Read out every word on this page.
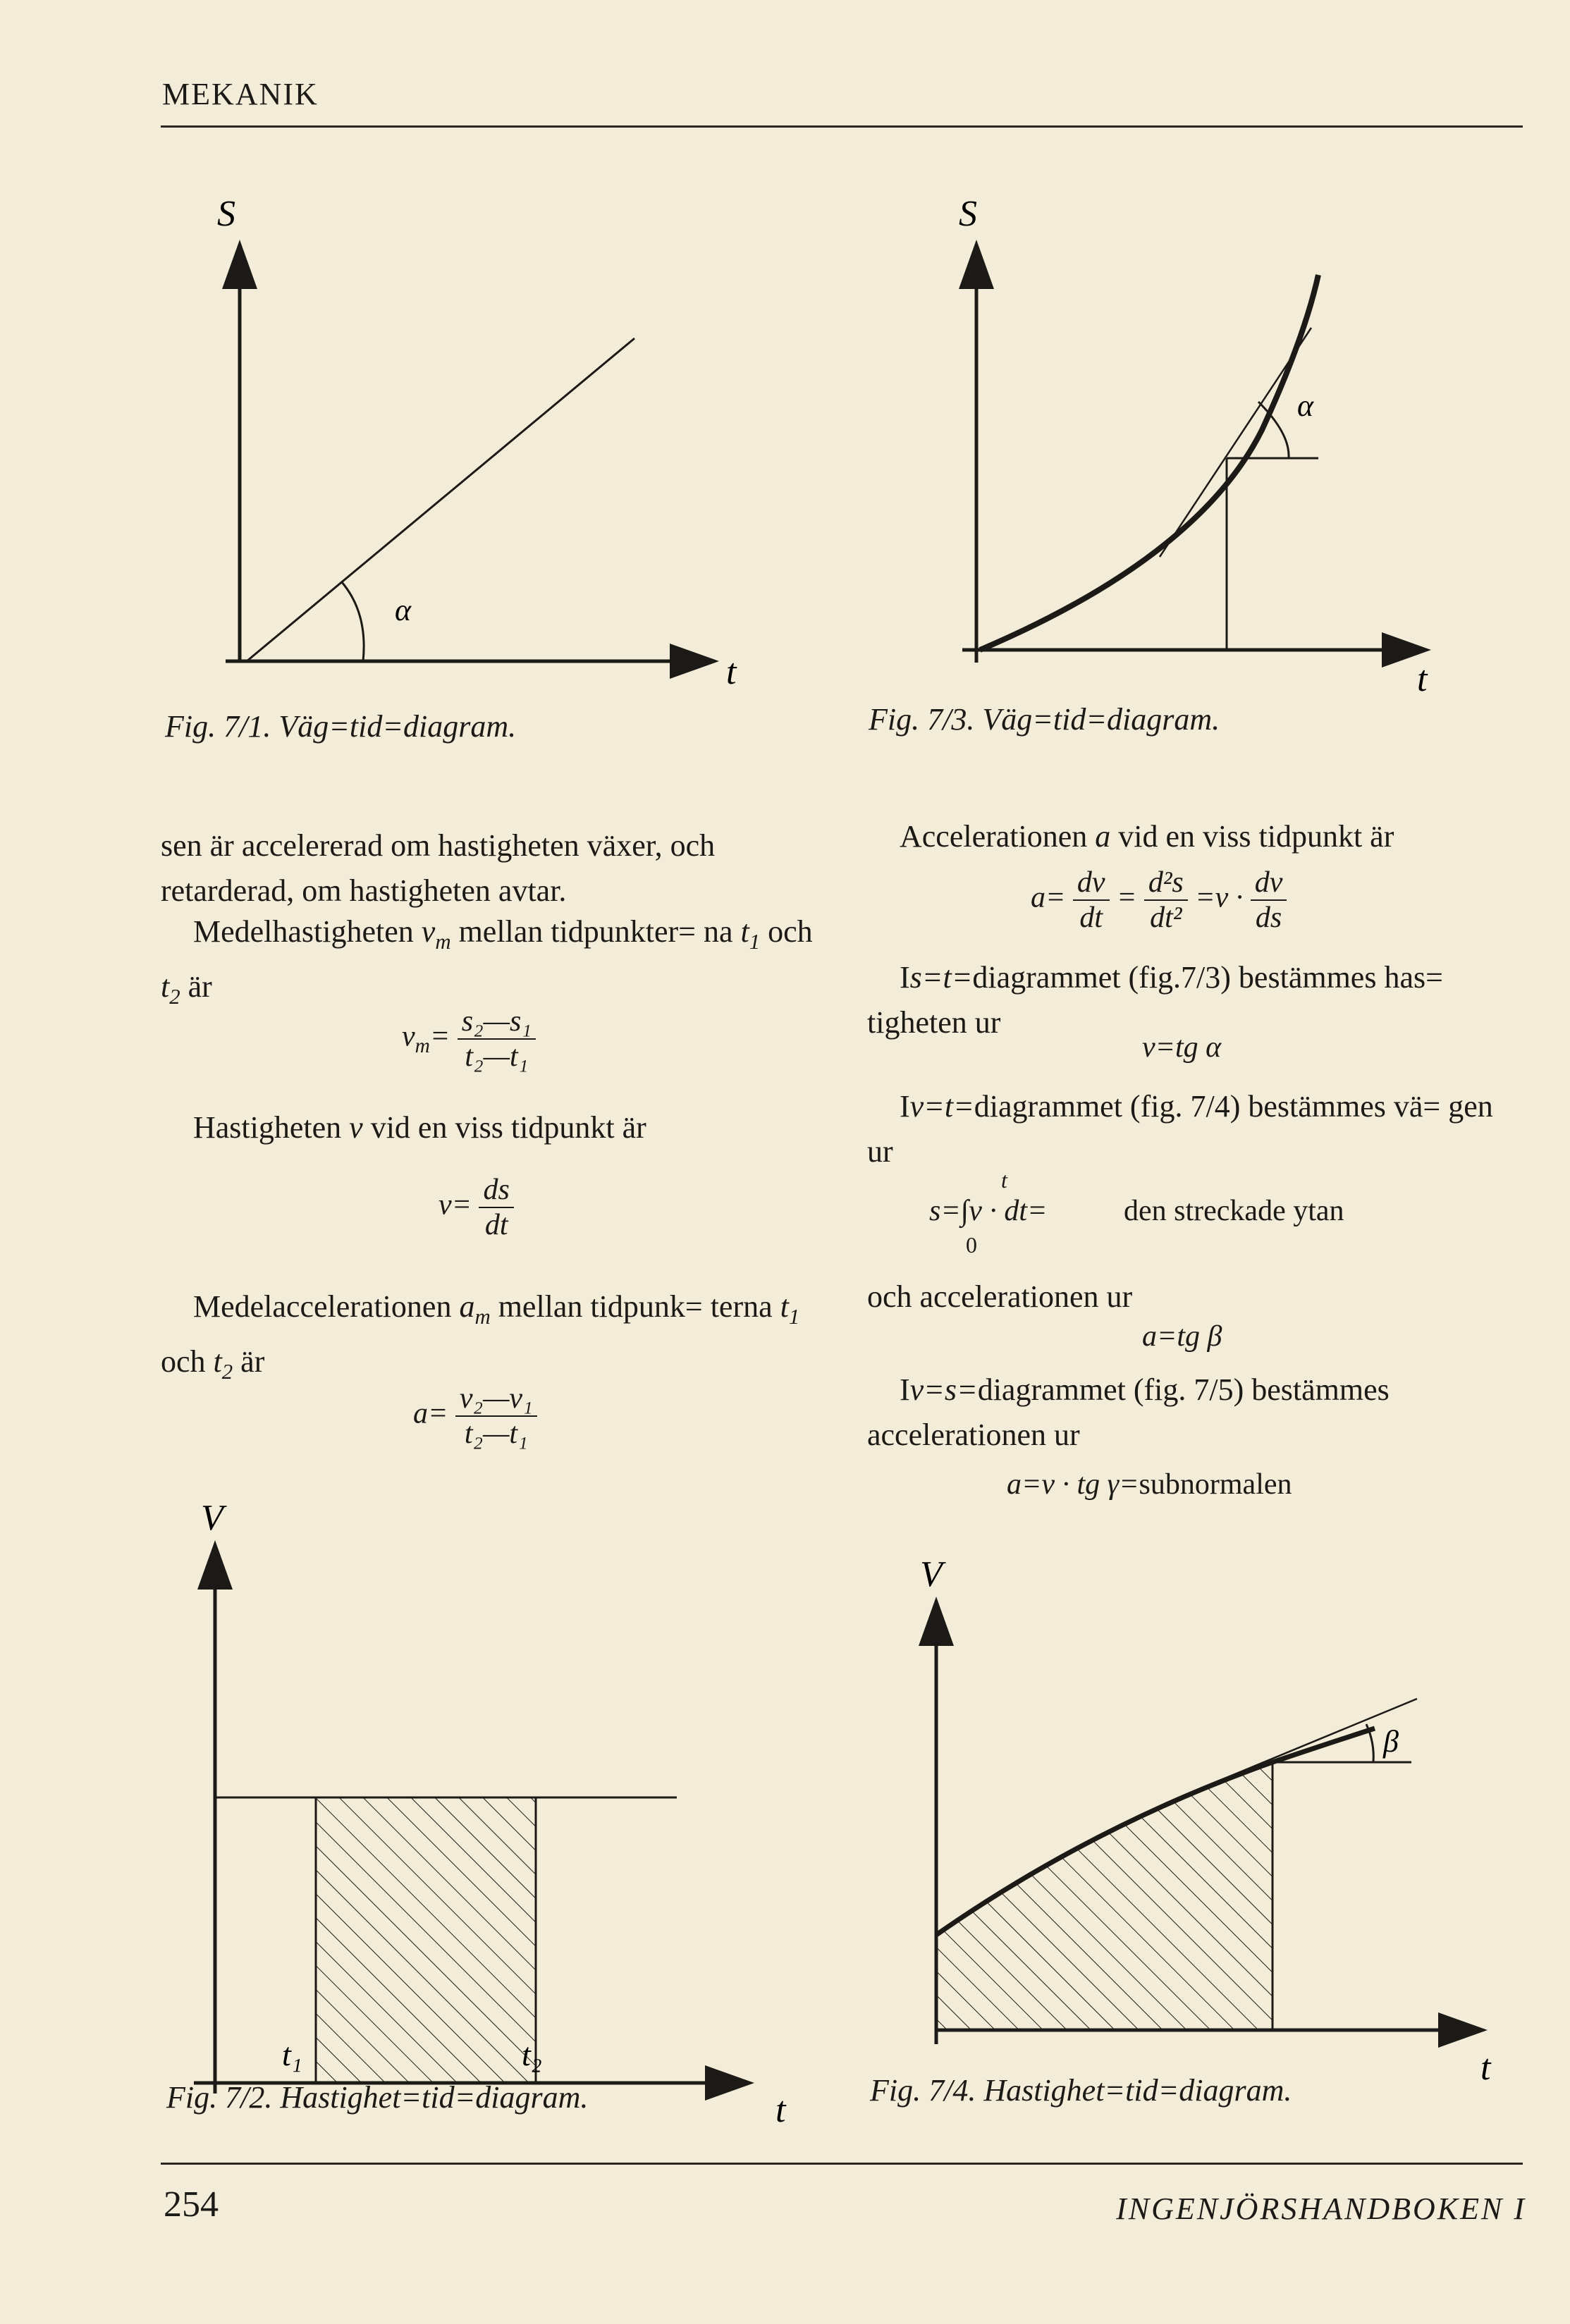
MEKANIK
S
t
α
Fig. 7/1. Väg=tid=diagram.
S
t
α
Fig. 7/3. Väg=tid=diagram.
sen är accelererad om hastigheten växer, och retarderad, om hastigheten avtar.
Medelhastigheten $v_m$ mellan tidpunkter= na $t_1$ och $t_2$ är
$v_m= \frac{\text{s₂—s₁}}{\text{t₂—t₁}}$
Hastigheten v vid en viss tidpunkt är
$v= \frac{ds}{dt}$
Medelaccelerationen $a_m$ mellan tidpunk= terna $t_1$ och $t_2$ är
$a= \frac{\text{v₂—v₁}}{\text{t₂—t₁}}$
Accelerationen a vid en viss tidpunkt är
$a= \frac{dv}{dt} = \frac{\text{d²s}}{\text{dt²}} =v \cdot \frac{dv}{ds}$
Is=t=diagrammet (fig.7/3) bestämmes has= tigheten ur
v=tg α
Iv=t=diagrammet (fig. 7/4) bestämmes vä= gen ur
t
s=∫v · dt=	den streckade ytan
0
och accelerationen ur
a=tg β
Iv=s=diagrammet (fig. 7/5) bestämmes accelerationen ur
a=v · tg γ=subnormalen
V
t
t₁	t₂
Fig. 7/2. Hastighet=tid=diagram.
V
t
β
Fig. 7/4. Hastighet=tid=diagram.
254	INGENJÖRSHANDBOKEN I
